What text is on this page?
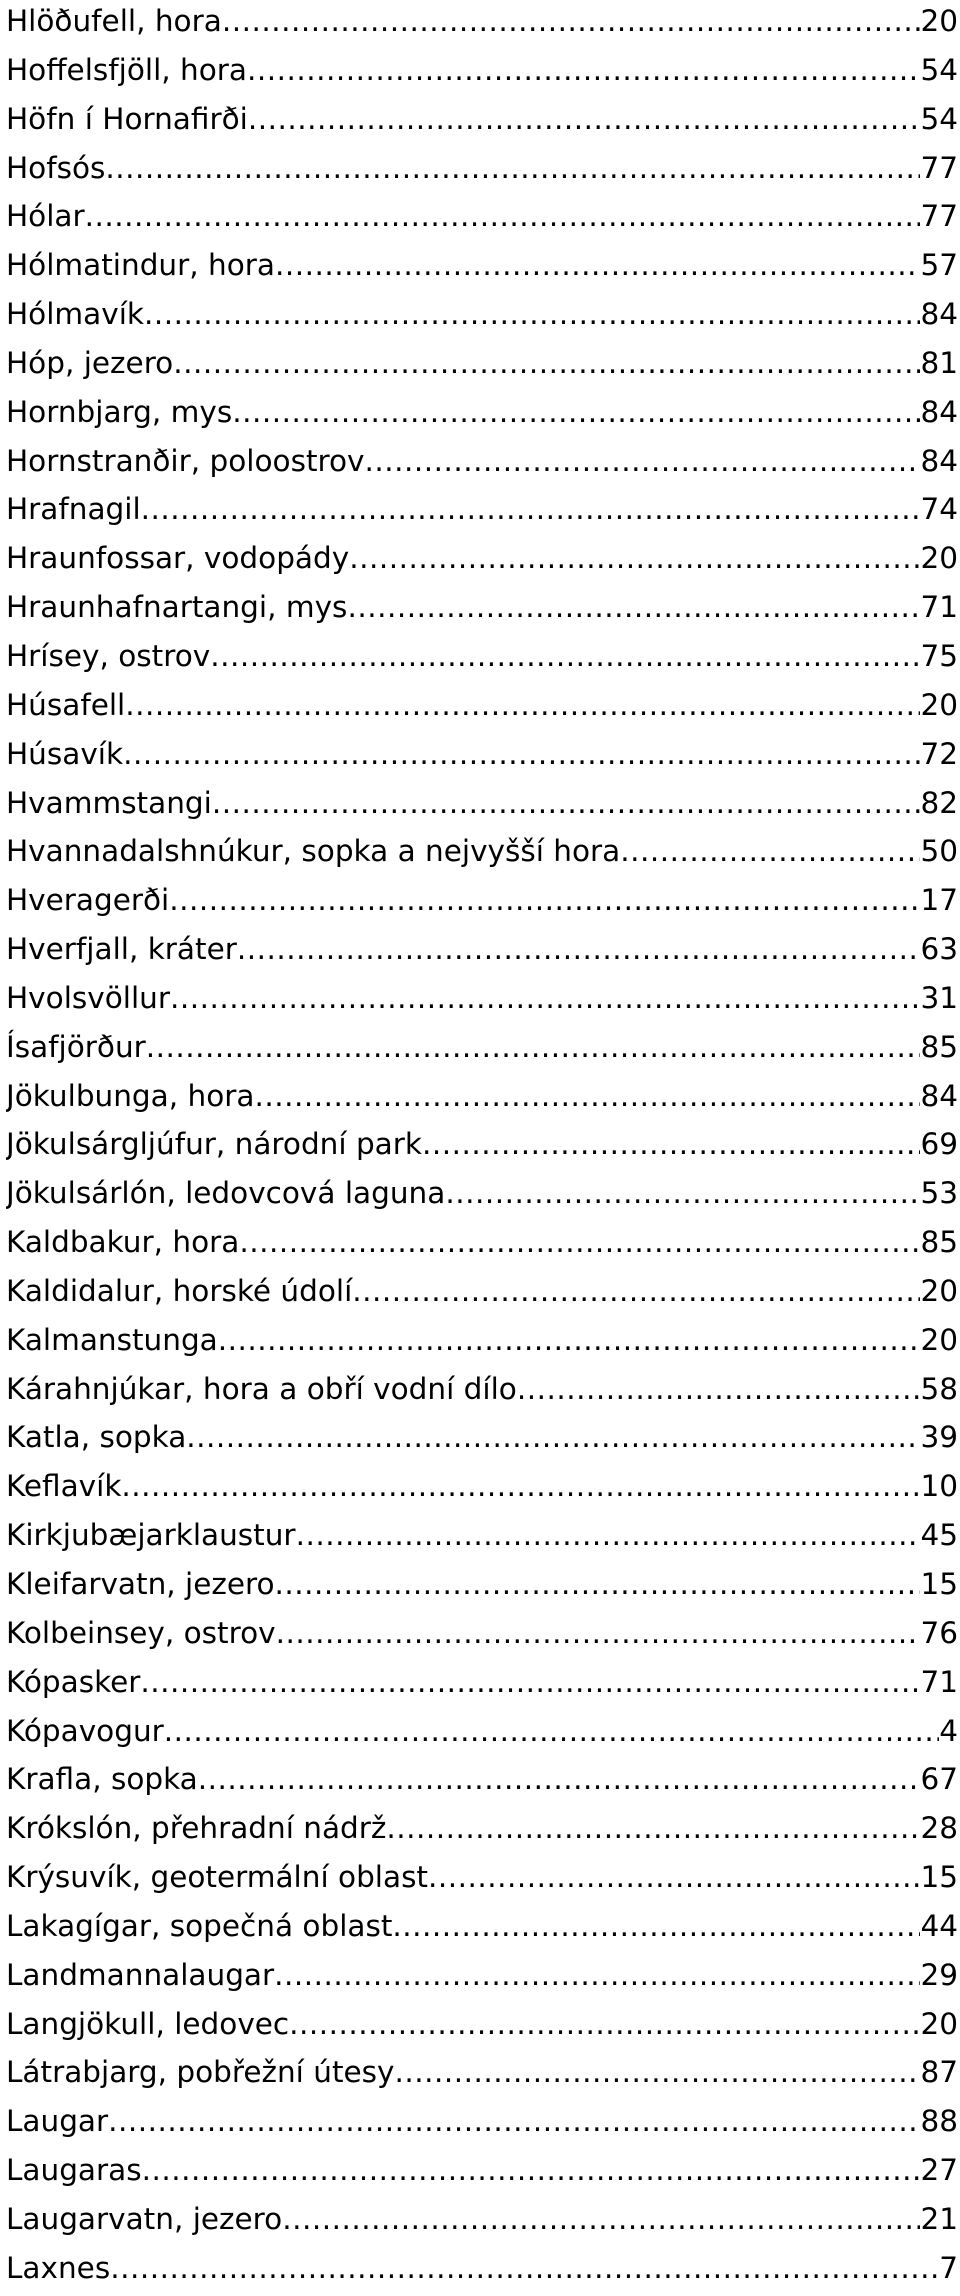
Hlöðufell, hora .....	20
Hoffelsfjöll, hora .....	54
Höfn í Hornafirði .....	54
Hofsós .....	77
Hólar .....	77
Hólmatindur, hora .....	57
Hólmavík .....	84
Hóp, jezero .....	81
Hornbjarg, mys .....	84
Hornstranðir, poloostrov .....	84
Hrafnagil .....	74
Hraunfossar, vodopády .....	20
Hraunhafnartangi, mys .....	71
Hrísey, ostrov .....	75
Húsafell .....	20
Húsavík .....	72
Hvammstangi .....	82
Hvannadalshnúkur, sopka a nejvyšší hora .....	50
Hveragerði .....	17
Hverfjall, kráter .....	63
Hvolsvöllur .....	31
Ísafjörður .....	85
Jökulbunga, hora .....	84
Jökulsárgljúfur, národní park .....	69
Jökulsárlón, ledovcová laguna .....	53
Kaldbakur, hora .....	85
Kaldidalur, horské údolí .....	20
Kalmanstunga .....	20
Kárahnjúkar, hora a obří vodní dílo .....	58
Katla, sopka .....	39
Keflavík .....	10
Kirkjubæjarklaustur .....	45
Kleifarvatn, jezero .....	15
Kolbeinsey, ostrov .....	76
Kópasker .....	71
Kópavogur .....	4
Krafla, sopka .....	67
Krókslón, přehradní nádrž .....	28
Krýsuvík, geotermální oblast .....	15
Lakagígar, sopečná oblast .....	44
Landmannalaugar .....	29
Langjökull, ledovec .....	20
Látrabjarg, pobřežní útesy .....	87
Laugar .....	88
Laugaras .....	27
Laugarvatn, jezero .....	21
Laxnes .....	7
